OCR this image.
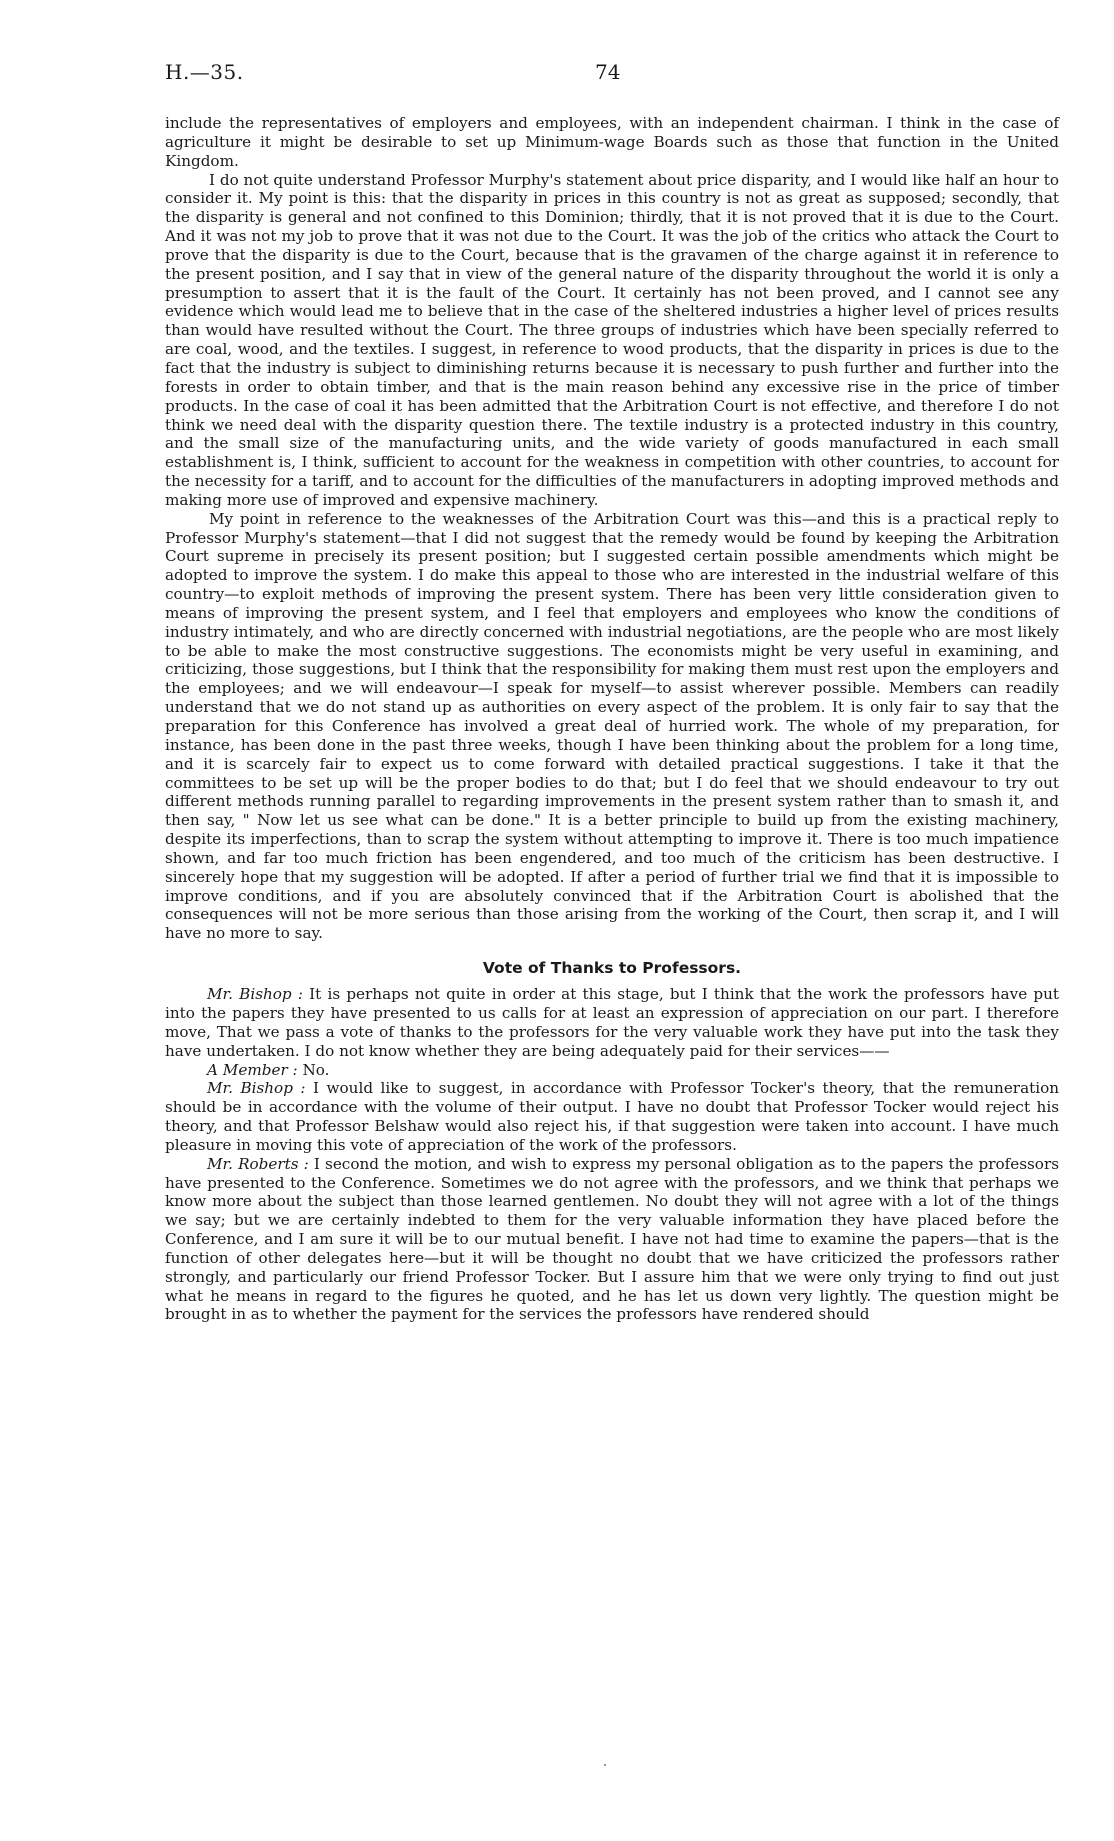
H.—35.	74

include the representatives of employers and employees, with an independent chairman. I think in the case of agriculture it might be desirable to set up Minimum-wage Boards such as those that function in the United Kingdom.

I do not quite understand Professor Murphy's statement about price disparity, and I would like half an hour to consider it. My point is this: that the disparity in prices in this country is not as great as supposed; secondly, that the disparity is general and not confined to this Dominion; thirdly, that it is not proved that it is due to the Court. And it was not my job to prove that it was not due to the Court. It was the job of the critics who attack the Court to prove that the disparity is due to the Court, because that is the gravamen of the charge against it in reference to the present position, and I say that in view of the general nature of the disparity throughout the world it is only a presumption to assert that it is the fault of the Court. It certainly has not been proved, and I cannot see any evidence which would lead me to believe that in the case of the sheltered industries a higher level of prices results than would have resulted without the Court. The three groups of industries which have been specially referred to are coal, wood, and the textiles. I suggest, in reference to wood products, that the disparity in prices is due to the fact that the industry is subject to diminishing returns because it is necessary to push further and further into the forests in order to obtain timber, and that is the main reason behind any excessive rise in the price of timber products. In the case of coal it has been admitted that the Arbitration Court is not effective, and therefore I do not think we need deal with the disparity question there. The textile industry is a protected industry in this country, and the small size of the manufacturing units, and the wide variety of goods manufactured in each small establishment is, I think, sufficient to account for the weakness in competition with other countries, to account for the necessity for a tariff, and to account for the difficulties of the manufacturers in adopting improved methods and making more use of improved and expensive machinery.

My point in reference to the weaknesses of the Arbitration Court was this—and this is a practical reply to Professor Murphy's statement—that I did not suggest that the remedy would be found by keeping the Arbitration Court supreme in precisely its present position; but I suggested certain possible amendments which might be adopted to improve the system. I do make this appeal to those who are interested in the industrial welfare of this country—to exploit methods of improving the present system. There has been very little consideration given to means of improving the present system, and I feel that employers and employees who know the conditions of industry intimately, and who are directly concerned with industrial negotiations, are the people who are most likely to be able to make the most constructive suggestions. The economists might be very useful in examining, and criticizing, those suggestions, but I think that the responsibility for making them must rest upon the employers and the employees; and we will endeavour—I speak for myself—to assist wherever possible. Members can readily understand that we do not stand up as authorities on every aspect of the problem. It is only fair to say that the preparation for this Conference has involved a great deal of hurried work. The whole of my preparation, for instance, has been done in the past three weeks, though I have been thinking about the problem for a long time, and it is scarcely fair to expect us to come forward with detailed practical suggestions. I take it that the committees to be set up will be the proper bodies to do that; but I do feel that we should endeavour to try out different methods running parallel to regarding improvements in the present system rather than to smash it, and then say, " Now let us see what can be done." It is a better principle to build up from the existing machinery, despite its imperfections, than to scrap the system without attempting to improve it. There is too much impatience shown, and far too much friction has been engendered, and too much of the criticism has been destructive. I sincerely hope that my suggestion will be adopted. If after a period of further trial we find that it is impossible to improve conditions, and if you are absolutely convinced that if the Arbitration Court is abolished that the consequences will not be more serious than those arising from the working of the Court, then scrap it, and I will have no more to say.

Vote of Thanks to Professors.

Mr. Bishop : It is perhaps not quite in order at this stage, but I think that the work the professors have put into the papers they have presented to us calls for at least an expression of appreciation on our part. I therefore move, That we pass a vote of thanks to the professors for the very valuable work they have put into the task they have undertaken. I do not know whether they are being adequately paid for their services——

A Member : No.

Mr. Bishop : I would like to suggest, in accordance with Professor Tocker's theory, that the remuneration should be in accordance with the volume of their output. I have no doubt that Professor Tocker would reject his theory, and that Professor Belshaw would also reject his, if that suggestion were taken into account. I have much pleasure in moving this vote of appreciation of the work of the professors.

Mr. Roberts : I second the motion, and wish to express my personal obligation as to the papers the professors have presented to the Conference. Sometimes we do not agree with the professors, and we think that perhaps we know more about the subject than those learned gentlemen. No doubt they will not agree with a lot of the things we say; but we are certainly indebted to them for the very valuable information they have placed before the Conference, and I am sure it will be to our mutual benefit. I have not had time to examine the papers—that is the function of other delegates here—but it will be thought no doubt that we have criticized the professors rather strongly, and particularly our friend Professor Tocker. But I assure him that we were only trying to find out just what he means in regard to the figures he quoted, and he has let us down very lightly. The question might be brought in as to whether the payment for the services the professors have rendered should
